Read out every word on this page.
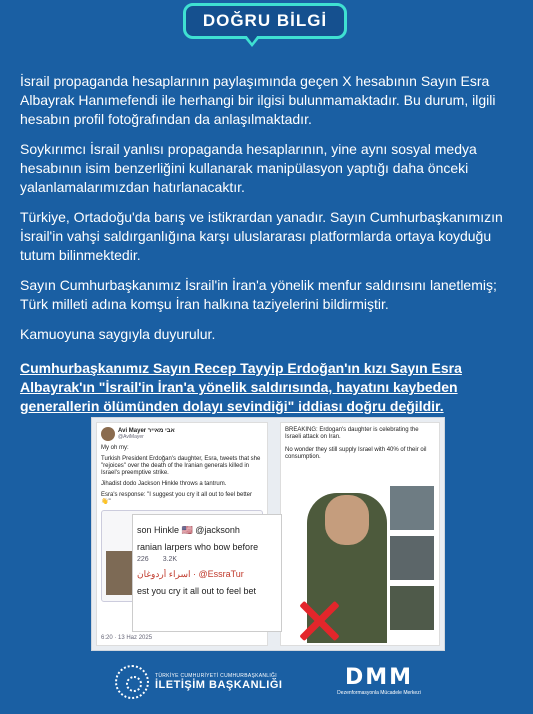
DOĞRU BİLGİ
İsrail propaganda hesaplarının paylaşımında geçen X hesabının Sayın Esra Albayrak Hanımefendi ile herhangi bir ilgisi bulunmamaktadır. Bu durum, ilgili hesabın profil fotoğrafından da anlaşılmaktadır.
Soykırımcı İsrail yanlısı propaganda hesaplarının, yine aynı sosyal medya hesabının isim benzerliğini kullanarak manipülasyon yaptığı daha önceki yalanlamalarımızdan hatırlanacaktır.
Türkiye, Ortadoğu'da barış ve istikrardan yanadır. Sayın Cumhurbaşkanımızın İsrail'in vahşi saldırganlığına karşı uluslararası platformlarda ortaya koyduğu tutum bilinmektedir.
Sayın Cumhurbaşkanımız İsrail'in İran'a yönelik menfur saldırısını lanetlemiş; Türk milleti adına komşu İran halkına taziyelerini bildirmiştir.
Kamuoyuna saygıyla duyurulur.
Cumhurbaşkanımız Sayın Recep Tayyip Erdoğan'ın kızı Sayın Esra Albayrak'ın "İsrail'in İran'a yönelik saldırısında, hayatını kaybeden generallerin ölümünden dolayı sevindiği" iddiası doğru değildir.
Avi Mayer אבי מאייר
@AviMayer
My oh my:
Turkish President Erdoğan's daughter, Esra, tweets that she "rejoices" over the death of the Iranian generals killed in Israel's preemptive strike.
Jihadist dodo Jackson Hinkle throws a tantrum.
Esra's response: "I suggest you cry it all out to feel better 👋"
6:20 · 13 Haz 2025
BREAKING: Erdogan's daughter is celebrating the Israeli attack on Iran.
No wonder they still supply Israel with 40% of their oil consumption.
son Hinkle 🇺🇸 @jacksonh
ranian larpers who bow before
226 3.2K
اسراء أردوغان · @EssraTur
est you cry it all out to feel bet
TÜRKİYE CUMHURİYETİ CUMHURBAŞKANLIĞI
İLETİŞİM BAŞKANLIĞI	DMM
Dezenformasyonla Mücadele Merkezi
